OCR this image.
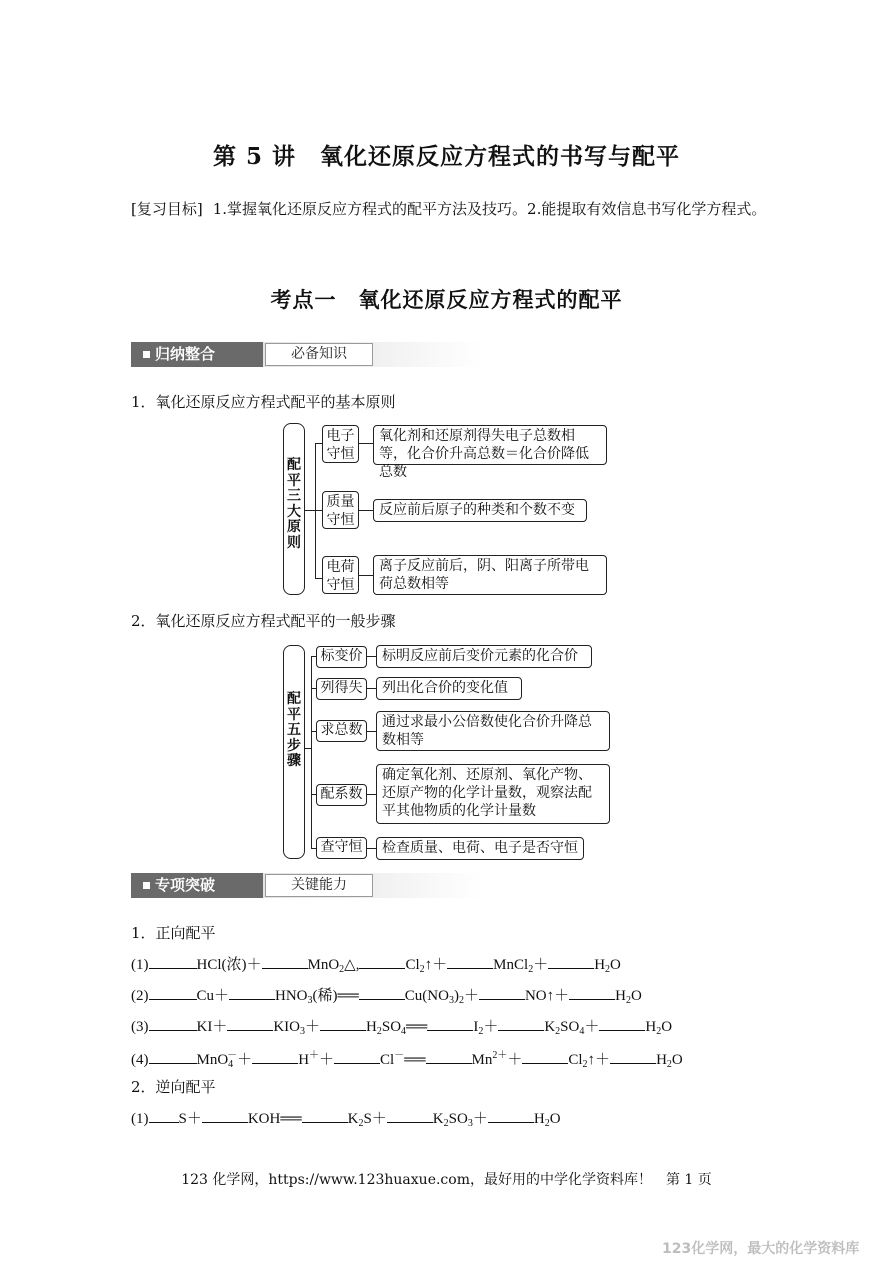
第 5 讲　氧化还原反应方程式的书写与配平
[复习目标] 1.掌握氧化还原反应方程式的配平方法及技巧。2.能提取有效信息书写化学方程式。
考点一　氧化还原反应方程式的配平
归纳整合	必备知识
1．氧化还原反应方程式配平的基本原则
配平三大原则
电子守恒
氧化剂和还原剂得失电子总数相等，化合价升高总数＝化合价降低总数
质量守恒
反应前后原子的种类和个数不变
电荷守恒
离子反应前后，阴、阳离子所带电荷总数相等
2．氧化还原反应方程式配平的一般步骤
配平五步骤
标变价	标明反应前后变价元素的化合价
列得失	列出化合价的变化值
求总数	通过求最小公倍数使化合价升降总数相等
配系数
确定氧化剂、还原剂、氧化产物、还原产物的化学计量数，观察法配平其他物质的化学计量数
查守恒	检查质量、电荷、电子是否守恒
专项突破	关键能力
1．正向配平
(1)	HCl(浓)＋	MnO$_2$△,	$Cl_2↑+$	MnCl$_2$＋	$H_2O$
(2)	Cu＋	$HNO_3$(稀)══	$Cu(NO_3)_2+$	NO↑＋	$H_2O$
(3)	KI＋	$KIO_3+$	$H_2SO_4══$	$I_2+$	$K_2SO_4+$	$H_2O$
(4)	MnO$_4$－＋	H＋＋	Cl－══	$Mn^{2+}+$	$Cl_2↑+$	$H_2O$
2．逆向配平
(1) S＋	KOH══	$K_2S+$	$K_2SO_3+$	$H_2O$
123 化学网，https://www.123huaxue.com，最好用的中学化学资料库！　第 1 页
123化学网，最大的化学资料库
